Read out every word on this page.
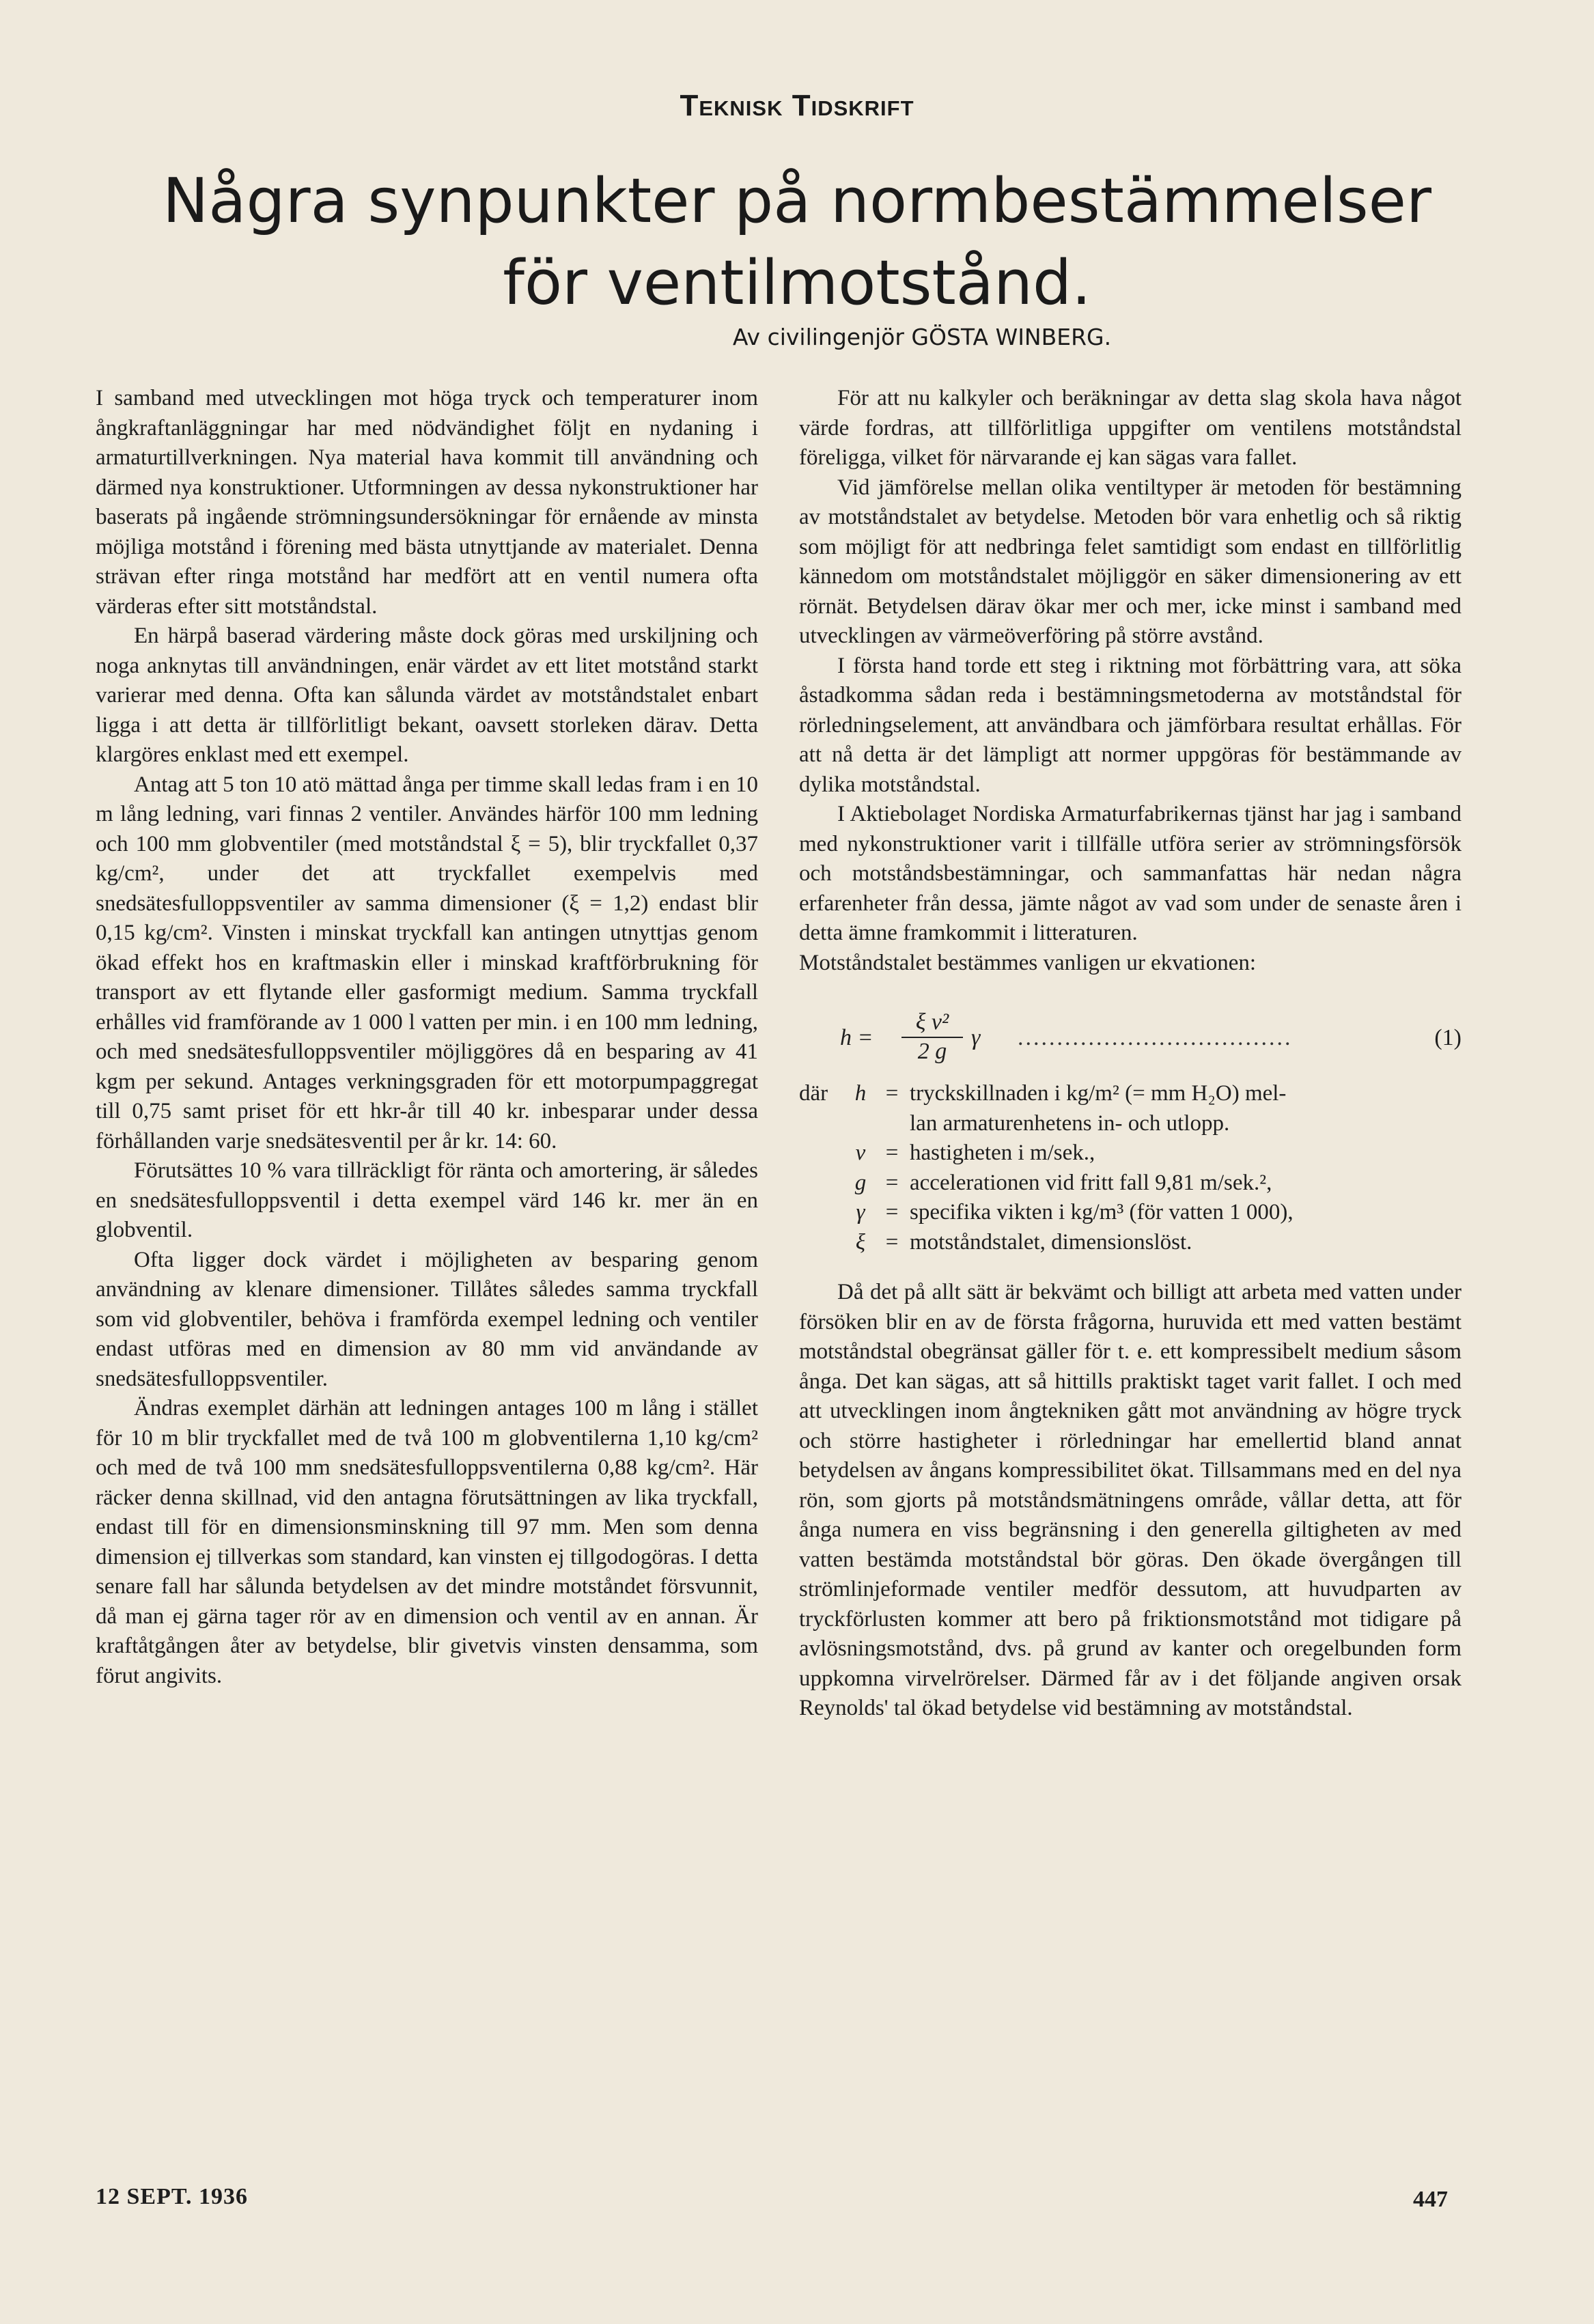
Teknisk Tidskrift
Några synpunkter på normbestämmelser
för ventilmotstånd.
Av civilingenjör GÖSTA WINBERG.

I samband med utvecklingen mot höga tryck och temperaturer inom ångkraftanläggningar har med nödvändighet följt en nydaning i armaturtillverkningen. Nya material hava kommit till användning och därmed nya konstruktioner. Utformningen av dessa nykonstruktioner har baserats på ingående strömningsundersökningar för ernående av minsta möjliga motstånd i förening med bästa utnyttjande av materialet. Denna strävan efter ringa motstånd har medfört att en ventil numera ofta värderas efter sitt motståndstal.

En härpå baserad värdering måste dock göras med urskiljning och noga anknytas till användningen, enär värdet av ett litet motstånd starkt varierar med denna. Ofta kan sålunda värdet av motståndstalet enbart ligga i att detta är tillförlitligt bekant, oavsett storleken därav. Detta klargöres enklast med ett exempel.

Antag att 5 ton 10 atö mättad ånga per timme skall ledas fram i en 10 m lång ledning, vari finnas 2 ventiler. Användes härför 100 mm ledning och 100 mm globventiler (med motståndstal ξ = 5), blir tryckfallet 0,37 kg/cm², under det att tryckfallet exempelvis med snedsätesfulloppsventiler av samma dimensioner (ξ = 1,2) endast blir 0,15 kg/cm². Vinsten i minskat tryckfall kan antingen utnyttjas genom ökad effekt hos en kraftmaskin eller i minskad kraftförbrukning för transport av ett flytande eller gasformigt medium. Samma tryckfall erhålles vid framförande av 1 000 l vatten per min. i en 100 mm ledning, och med snedsätesfulloppsventiler möjliggöres då en besparing av 41 kgm per sekund. Antages verkningsgraden för ett motorpumpaggregat till 0,75 samt priset för ett hkr-år till 40 kr. inbesparar under dessa förhållanden varje snedsätesventil per år kr. 14: 60.

Förutsättes 10 % vara tillräckligt för ränta och amortering, är således en snedsätesfulloppsventil i detta exempel värd 146 kr. mer än en globventil.

Ofta ligger dock värdet i möjligheten av besparing genom användning av klenare dimensioner. Tillåtes således samma tryckfall som vid globventiler, behöva i framförda exempel ledning och ventiler endast utföras med en dimension av 80 mm vid användande av snedsätesfulloppsventiler.

Ändras exemplet därhän att ledningen antages 100 m lång i stället för 10 m blir tryckfallet med de två 100 m globventilerna 1,10 kg/cm² och med de två 100 mm snedsätesfulloppsventilerna 0,88 kg/cm². Här räcker denna skillnad, vid den antagna förutsättningen av lika tryckfall, endast till för en dimensionsminskning till 97 mm. Men som denna dimension ej tillverkas som standard, kan vinsten ej tillgodogöras. I detta senare fall har sålunda betydelsen av det mindre motståndet försvunnit, då man ej gärna tager rör av en dimension och ventil av en annan. Är kraftåtgången åter av betydelse, blir givetvis vinsten densamma, som förut angivits.

För att nu kalkyler och beräkningar av detta slag skola hava något värde fordras, att tillförlitliga uppgifter om ventilens motståndstal föreligga, vilket för närvarande ej kan sägas vara fallet.

Vid jämförelse mellan olika ventiltyper är metoden för bestämning av motståndstalet av betydelse. Metoden bör vara enhetlig och så riktig som möjligt för att nedbringa felet samtidigt som endast en tillförlitlig kännedom om motståndstalet möjliggör en säker dimensionering av ett rörnät. Betydelsen därav ökar mer och mer, icke minst i samband med utvecklingen av värmeöverföring på större avstånd.

I första hand torde ett steg i riktning mot förbättring vara, att söka åstadkomma sådan reda i bestämningsmetoderna av motståndstal för rörledningselement, att användbara och jämförbara resultat erhållas. För att nå detta är det lämpligt att normer uppgöras för bestämmande av dylika motståndstal.

I Aktiebolaget Nordiska Armaturfabrikernas tjänst har jag i samband med nykonstruktioner varit i tillfälle utföra serier av strömningsförsök och motståndsbestämningar, och sammanfattas här nedan några erfarenheter från dessa, jämte något av vad som under de senaste åren i detta ämne framkommit i litteraturen.

Motståndstalet bestämmes vanligen ur ekvationen:

$h = \frac{\text{ξ v²}}{2 g}$ γ ...................................	(1)
där	h = tryckskillnaden i kg/m² (= mm H₂O) mel-
lan armaturenhetens in- och utlopp.
v = hastigheten i m/sek.,
g = accelerationen vid fritt fall 9,81 m/sek.²,
γ = specifika vikten i kg/m³ (för vatten 1 000),
ξ = motståndstalet, dimensionslöst.

Då det på allt sätt är bekvämt och billigt att arbeta med vatten under försöken blir en av de första frågorna, huruvida ett med vatten bestämt motståndstal obegränsat gäller för t. e. ett kompressibelt medium såsom ånga. Det kan sägas, att så hittills praktiskt taget varit fallet. I och med att utvecklingen inom ångtekniken gått mot användning av högre tryck och större hastigheter i rörledningar har emellertid bland annat betydelsen av ångans kompressibilitet ökat. Tillsammans med en del nya rön, som gjorts på motståndsmätningens område, vållar detta, att för ånga numera en viss begränsning i den generella giltigheten av med vatten bestämda motståndstal bör göras. Den ökade övergången till strömlinjeformade ventiler medför dessutom, att huvudparten av tryckförlusten kommer att bero på friktionsmotstånd mot tidigare på avlösningsmotstånd, dvs. på grund av kanter och oregelbunden form uppkomna virvelrörelser. Därmed får av i det följande angiven orsak Reynolds' tal ökad betydelse vid bestämning av motståndstal.

12 SEPT. 1936	447
